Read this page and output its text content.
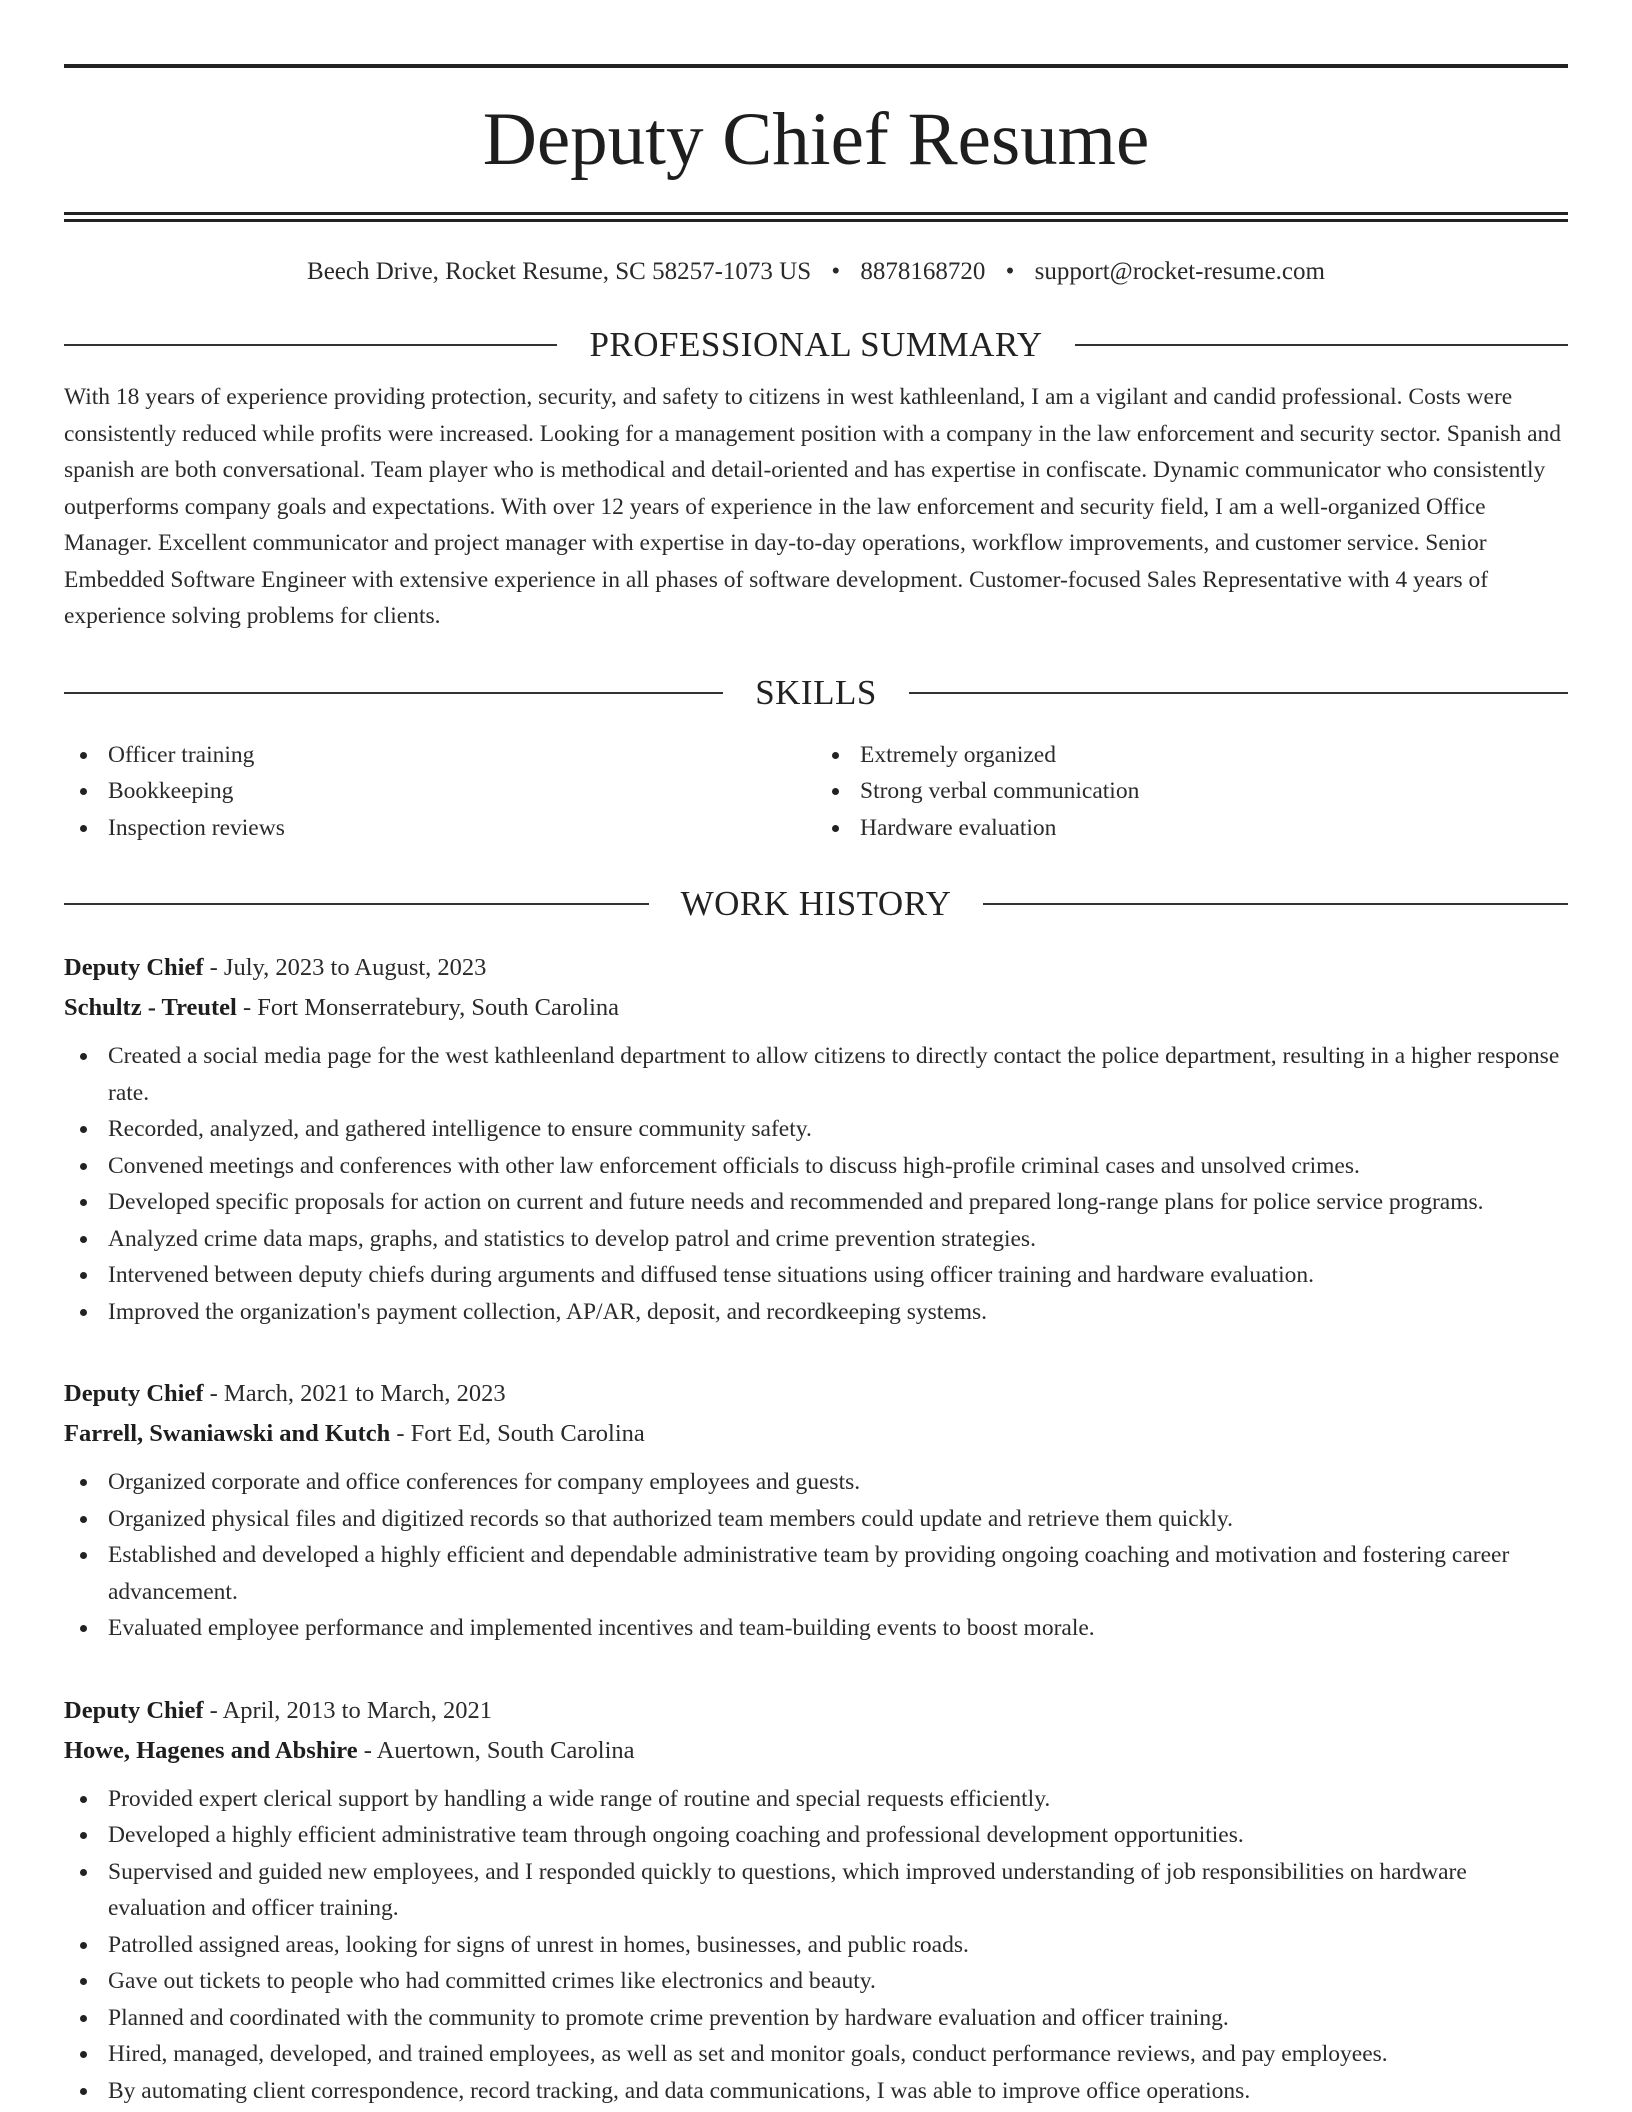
Deputy Chief Resume
Beech Drive, Rocket Resume, SC 58257-1073 US • 8878168720 • support@rocket-resume.com
PROFESSIONAL SUMMARY

With 18 years of experience providing protection, security, and safety to citizens in west kathleenland, I am a vigilant and candid professional. Costs were consistently reduced while profits were increased. Looking for a management position with a company in the law enforcement and security sector. Spanish and spanish are both conversational. Team player who is methodical and detail-oriented and has expertise in confiscate. Dynamic communicator who consistently outperforms company goals and expectations. With over 12 years of experience in the law enforcement and security field, I am a well-organized Office Manager. Excellent communicator and project manager with expertise in day-to-day operations, workflow improvements, and customer service. Senior Embedded Software Engineer with extensive experience in all phases of software development. Customer-focused Sales Representative with 4 years of experience solving problems for clients.

SKILLS
Officer training
Bookkeeping
Inspection reviews
Extremely organized
Strong verbal communication
Hardware evaluation
WORK HISTORY
Deputy Chief - July, 2023 to August, 2023
Schultz - Treutel - Fort Monserratebury, South Carolina
Created a social media page for the west kathleenland department to allow citizens to directly contact the police department, resulting in a higher response rate.
Recorded, analyzed, and gathered intelligence to ensure community safety.
Convened meetings and conferences with other law enforcement officials to discuss high-profile criminal cases and unsolved crimes.
Developed specific proposals for action on current and future needs and recommended and prepared long-range plans for police service programs.
Analyzed crime data maps, graphs, and statistics to develop patrol and crime prevention strategies.
Intervened between deputy chiefs during arguments and diffused tense situations using officer training and hardware evaluation.
Improved the organization's payment collection, AP/AR, deposit, and recordkeeping systems.
Deputy Chief - March, 2021 to March, 2023
Farrell, Swaniawski and Kutch - Fort Ed, South Carolina
Organized corporate and office conferences for company employees and guests.
Organized physical files and digitized records so that authorized team members could update and retrieve them quickly.
Established and developed a highly efficient and dependable administrative team by providing ongoing coaching and motivation and fostering career advancement.
Evaluated employee performance and implemented incentives and team-building events to boost morale.
Deputy Chief - April, 2013 to March, 2021
Howe, Hagenes and Abshire - Auertown, South Carolina
Provided expert clerical support by handling a wide range of routine and special requests efficiently.
Developed a highly efficient administrative team through ongoing coaching and professional development opportunities.
Supervised and guided new employees, and I responded quickly to questions, which improved understanding of job responsibilities on hardware evaluation and officer training.
Patrolled assigned areas, looking for signs of unrest in homes, businesses, and public roads.
Gave out tickets to people who had committed crimes like electronics and beauty.
Planned and coordinated with the community to promote crime prevention by hardware evaluation and officer training.
Hired, managed, developed, and trained employees, as well as set and monitor goals, conduct performance reviews, and pay employees.
By automating client correspondence, record tracking, and data communications, I was able to improve office operations.
